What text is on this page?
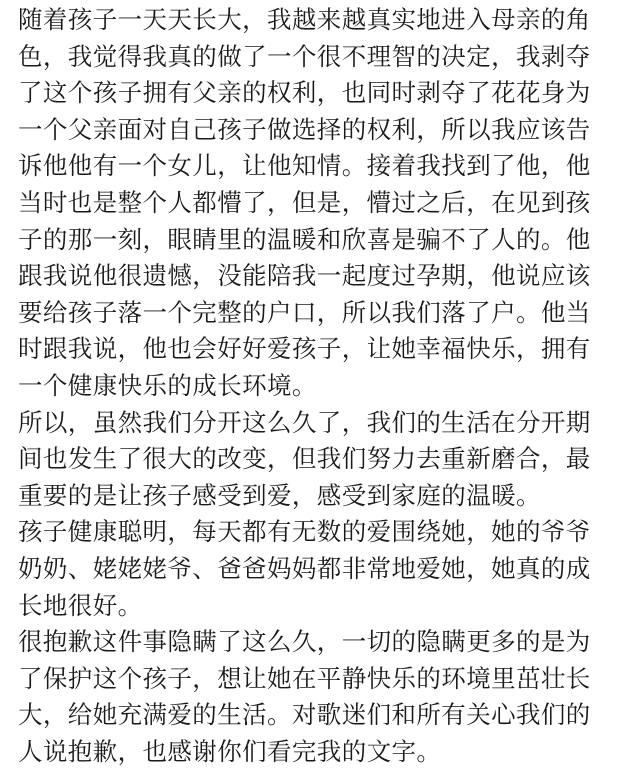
随着孩子一天天长大，我越来越真实地进入母亲的角
色，我觉得我真的做了一个很不理智的决定，我剥夺
了这个孩子拥有父亲的权利，也同时剥夺了花花身为
一个父亲面对自己孩子做选择的权利，所以我应该告
诉他他有一个女儿，让他知情。接着我找到了他，他
当时也是整个人都懵了，但是，懵过之后，在见到孩
子的那一刻，眼睛里的温暖和欣喜是骗不了人的。他
跟我说他很遗憾，没能陪我一起度过孕期，他说应该
要给孩子落一个完整的户口，所以我们落了户。他当
时跟我说，他也会好好爱孩子，让她幸福快乐，拥有
一个健康快乐的成长环境。
所以，虽然我们分开这么久了，我们的生活在分开期
间也发生了很大的改变，但我们努力去重新磨合，最
重要的是让孩子感受到爱，感受到家庭的温暖。
孩子健康聪明，每天都有无数的爱围绕她，她的爷爷
奶奶、姥姥姥爷、爸爸妈妈都非常地爱她，她真的成
长地很好。
很抱歉这件事隐瞒了这么久，一切的隐瞒更多的是为
了保护这个孩子，想让她在平静快乐的环境里茁壮长
大，给她充满爱的生活。对歌迷们和所有关心我们的
人说抱歉，也感谢你们看完我的文字。
